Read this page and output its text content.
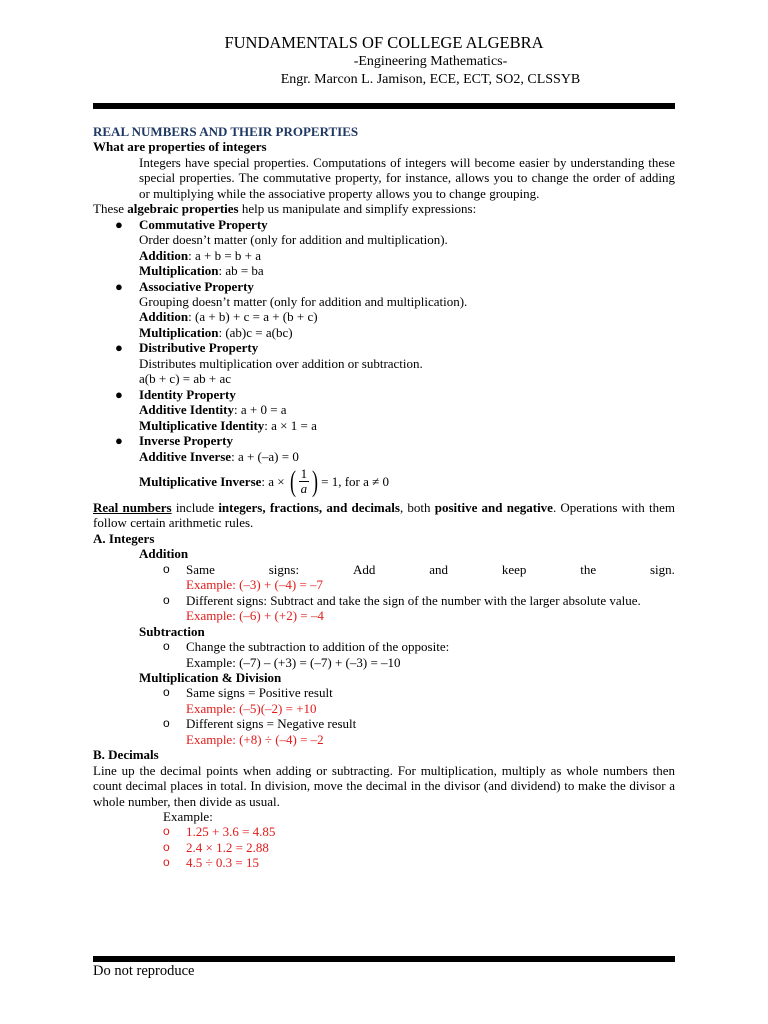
FUNDAMENTALS OF COLLEGE ALGEBRA
-Engineering Mathematics-
Engr. Marcon L. Jamison, ECE, ECT, SO2, CLSSYB
REAL NUMBERS AND THEIR PROPERTIES
What are properties of integers
Integers have special properties. Computations of integers will become easier by understanding these special properties. The commutative property, for instance, allows you to change the order of adding or multiplying while the associative property allows you to change grouping.
These algebraic properties help us manipulate and simplify expressions:
● Commutative Property
Order doesn’t matter (only for addition and multiplication).
Addition: a + b = b + a
Multiplication: ab = ba
● Associative Property
Grouping doesn’t matter (only for addition and multiplication).
Addition: (a + b) + c = a + (b + c)
Multiplication: (ab)c = a(bc)
● Distributive Property
Distributes multiplication over addition or subtraction.
a(b + c) = ab + ac
● Identity Property
Additive Identity: a + 0 = a
Multiplicative Identity: a × 1 = a
● Inverse Property
Additive Inverse: a + (–a) = 0
Multiplicative Inverse : a × ( $\frac{1}{a}$ ) = 1, for a ≠ 0
Real numbers include integers, fractions, and decimals, both positive and negative. Operations with them follow certain arithmetic rules.
A. Integers
Addition
o Same	signs:	Add	and	keep	the	sign.
Example: (–3) + (–4) = –7
o Different signs: Subtract and take the sign of the number with the larger absolute value.
Example: (–6) + (+2) = –4
Subtraction
o Change the subtraction to addition of the opposite:
Example: (–7) – (+3) = (–7) + (–3) = –10
Multiplication & Division
o Same signs = Positive result
Example: (–5)(–2) = +10
o Different signs = Negative result
Example: (+8) ÷ (–4) = –2
B. Decimals
Line up the decimal points when adding or subtracting. For multiplication, multiply as whole numbers then count decimal places in total. In division, move the decimal in the divisor (and dividend) to make the divisor a whole number, then divide as usual.
Example:
o 1.25 + 3.6 = 4.85
o 2.4 × 1.2 = 2.88
o 4.5 ÷ 0.3 = 15
Do not reproduce
